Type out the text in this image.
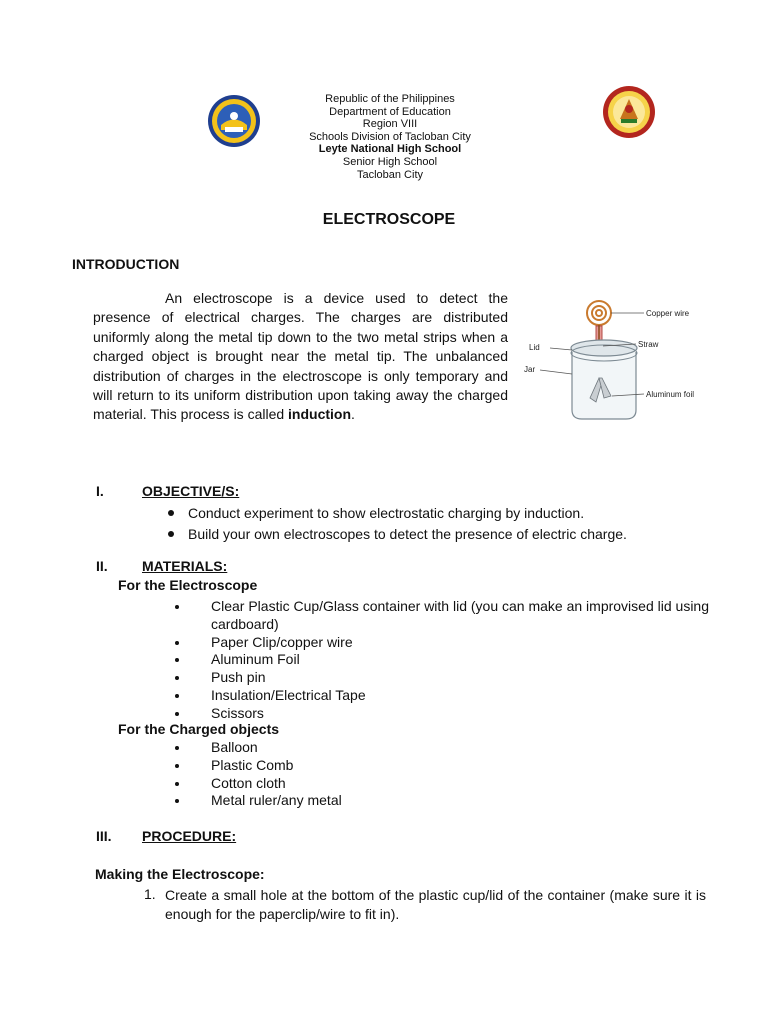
Republic of the Philippines
Department of Education
Region VIII
Schools Division of Tacloban City
Leyte National High School
Senior High School
Tacloban City
ELECTROSCOPE
INTRODUCTION
An electroscope is a device used to detect the presence of electrical charges. The charges are distributed uniformly along the metal tip down to the two metal strips when a charged object is brought near the metal tip. The unbalanced distribution of charges in the electroscope is only temporary and will return to its uniform distribution upon taking away the charged material. This process is called induction.
Copper wire
Lid	Straw
Jar
Aluminum foil
I.	OBJECTIVE/S:
Conduct experiment to show electrostatic charging by induction.
Build your own electroscopes to detect the presence of electric charge.
II. MATERIALS:
For the Electroscope
Clear Plastic Cup/Glass container with lid (you can make an improvised lid using cardboard)
Paper Clip/copper wire
Aluminum Foil
Push pin
Insulation/Electrical Tape
Scissors
For the Charged objects
Balloon
Plastic Comb
Cotton cloth
Metal ruler/any metal
III. PROCEDURE:
Making the Electroscope:
1. Create a small hole at the bottom of the plastic cup/lid of the container (make sure it is enough for the paperclip/wire to fit in).
